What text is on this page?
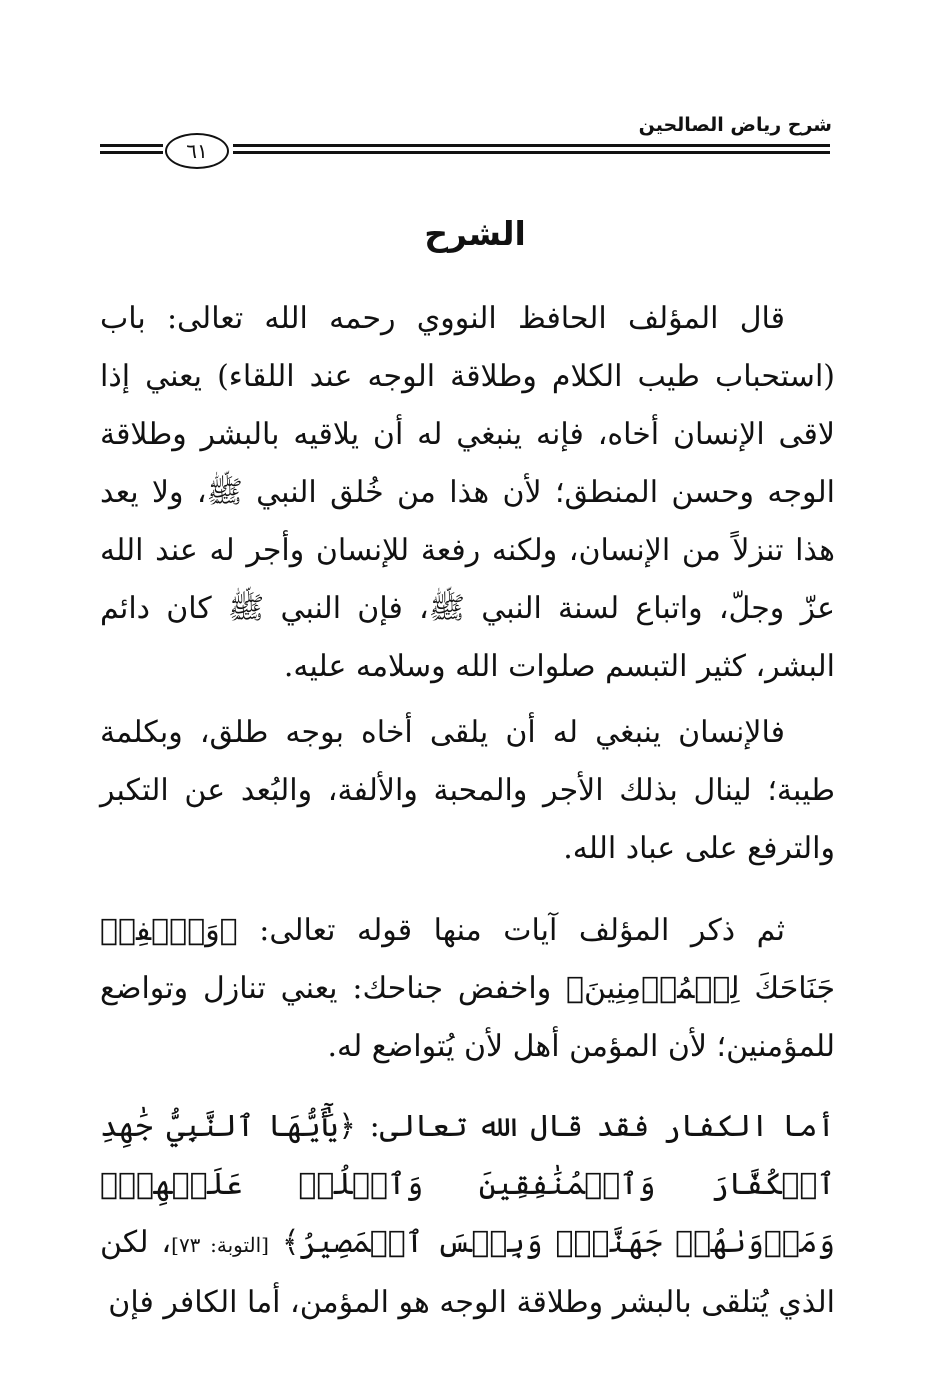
شرح رياض الصالحين
٦١
الشرح

قال المؤلف الحافظ النووي رحمه الله تعالى: باب (استحباب طيب الكلام وطلاقة الوجه عند اللقاء) يعني إذا لاقى الإنسان أخاه، فإنه ينبغي له أن يلاقيه بالبشر وطلاقة الوجه وحسن المنطق؛ لأن هذا من خُلق النبي ﷺ، ولا يعد هذا تنزلاً من الإنسان، ولكنه رفعة للإنسان وأجر له عند الله عزّ وجلّ، واتباع لسنة النبي ﷺ، فإن النبي ﷺ كان دائم البشر، كثير التبسم صلوات الله وسلامه عليه.

فالإنسان ينبغي له أن يلقى أخاه بوجه طلق، وبكلمة طيبة؛ لينال بذلك الأجر والمحبة والألفة، والبُعد عن التكبر والترفع على عباد الله.

ثم ذكر المؤلف آيات منها قوله تعالى: ﴿وَٱخۡفِضۡ جَنَاحَكَ لِلۡمُؤۡمِنِينَ﴾ واخفض جناحك: يعني تنازل وتواضع للمؤمنين؛ لأن المؤمن أهل لأن يُتواضع له.

أما الكفار فقد قال الله تعالى: ﴿يَٰٓأَيُّهَا ٱلنَّبِيُّ جَٰهِدِ ٱلۡكُفَّارَ وَٱلۡمُنَٰفِقِينَ وَٱغۡلُظۡ عَلَيۡهِمۡۚ وَمَأۡوَىٰهُمۡ جَهَنَّمُۖ وَبِئۡسَ ٱلۡمَصِيرُ﴾ [التوبة: ٧٣]، لكن الذي يُتلقى بالبشر وطلاقة الوجه هو المؤمن، أما الكافر فإن
